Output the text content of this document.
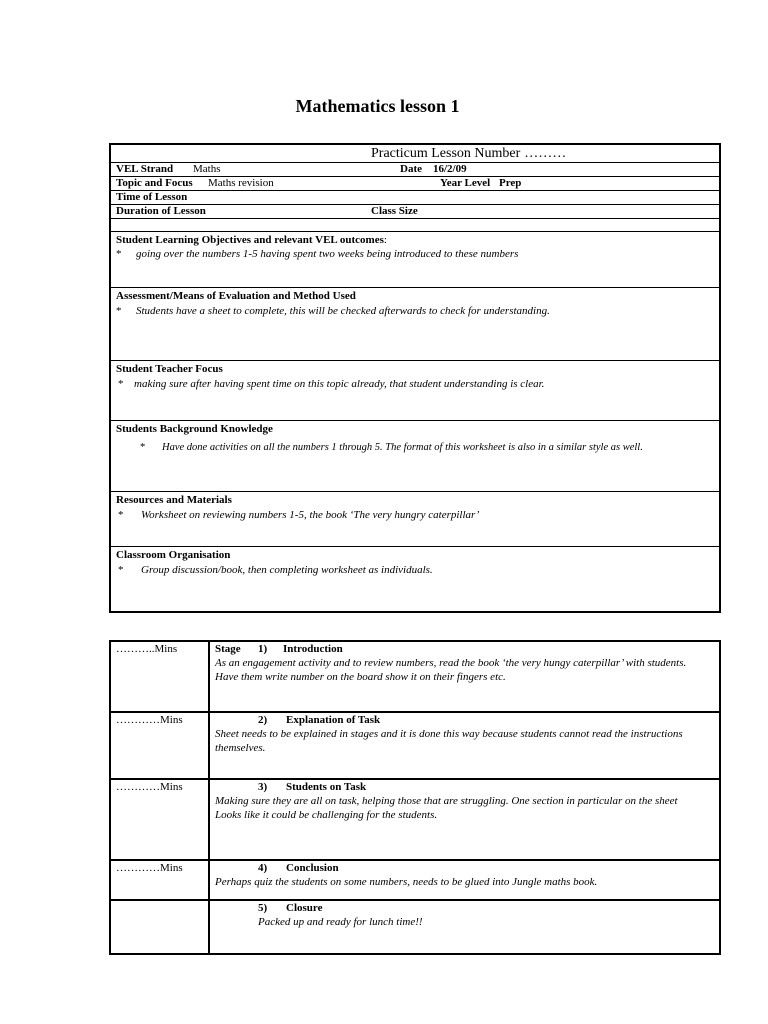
Mathematics lesson 1
Practicum Lesson Number ………
VEL Strand Maths	Date 16/2/09
Topic and Focus Maths revision	Year Level Prep
Time of Lesson
Duration of Lesson	Class Size
Student Learning Objectives and relevant VEL outcomes:
* going over the numbers 1-5 having spent two weeks being introduced to these numbers
Assessment/Means of Evaluation and Method Used
* Students have a sheet to complete, this will be checked afterwards to check for understanding.
Student Teacher Focus
* making sure after having spent time on this topic already, that student understanding is clear.
Students Background Knowledge
* Have done activities on all the numbers 1 through 5. The format of this worksheet is also in a similar style as well.
Resources and Materials
* Worksheet on reviewing numbers 1-5, the book ‘The very hungry caterpillar’
Classroom Organisation
* Group discussion/book, then completing worksheet as individuals.
………..Mins	Stage 1) Introduction
As an engagement activity and to review numbers, read the book ‘the very hungy caterpillar’ with students.
Have them write number on the board show it on their fingers etc.
…………Mins	2) Explanation of Task
Sheet needs to be explained in stages and it is done this way because students cannot read the instructions
themselves.
…………Mins	3) Students on Task
Making sure they are all on task, helping those that are struggling. One section in particular on the sheet
Looks like it could be challenging for the students.
…………Mins	4) Conclusion
Perhaps quiz the students on some numbers, needs to be glued into Jungle maths book.
5) Closure
Packed up and ready for lunch time!!
